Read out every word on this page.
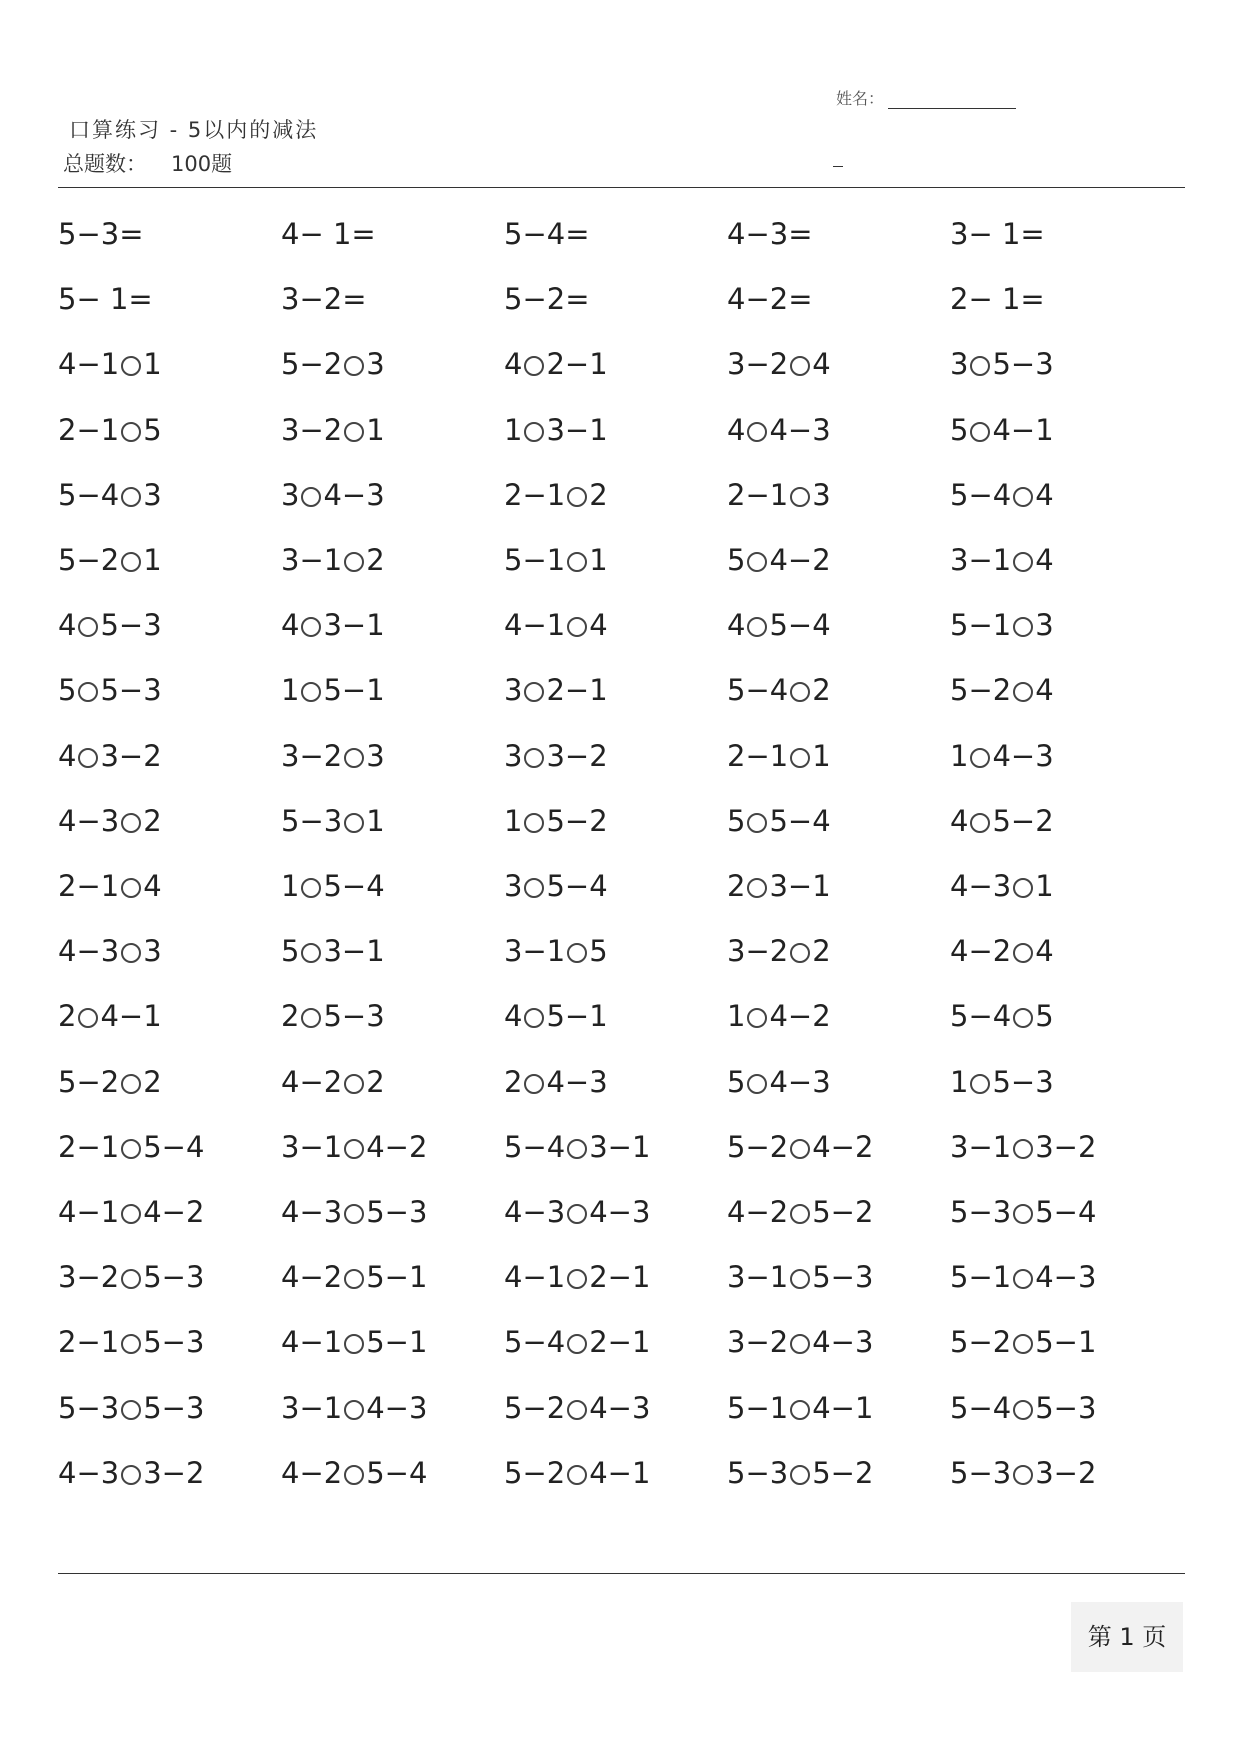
口算练习 - 5以内的减法
总题数： 100题
姓名：
5−3=	4− 1=	5−4=	4−3=	3− 1=
5− 1=	3−2=	5−2=	4−2=	2− 1=
4−1 1	5−2 3	4 2−1	3−2 4	3 5−3
2−1 5	3−2 1	1 3−1	4 4−3	5 4−1
5−4 3	3 4−3	2−1 2	2−1 3	5−4 4
5−2 1	3−1 2	5−1 1	5 4−2	3−1 4
4 5−3	4 3−1	4−1 4	4 5−4	5−1 3
5 5−3	1 5−1	3 2−1	5−4 2	5−2 4
4 3−2	3−2 3	3 3−2	2−1 1	1 4−3
4−3 2	5−3 1	1 5−2	5 5−4	4 5−2
2−1 4	1 5−4	3 5−4	2 3−1	4−3 1
4−3 3	5 3−1	3−1 5	3−2 2	4−2 4
2 4−1	2 5−3	4 5−1	1 4−2	5−4 5
5−2 2	4−2 2	2 4−3	5 4−3	1 5−3
2−1 5−4	3−1 4−2	5−4 3−1	5−2 4−2	3−1 3−2
4−1 4−2	4−3 5−3	4−3 4−3	4−2 5−2	5−3 5−4
3−2 5−3	4−2 5−1	4−1 2−1	3−1 5−3	5−1 4−3
2−1 5−3	4−1 5−1	5−4 2−1	3−2 4−3	5−2 5−1
5−3 5−3	3−1 4−3	5−2 4−3	5−1 4−1	5−4 5−3
4−3 3−2	4−2 5−4	5−2 4−1	5−3 5−2	5−3 3−2
第 1 页
